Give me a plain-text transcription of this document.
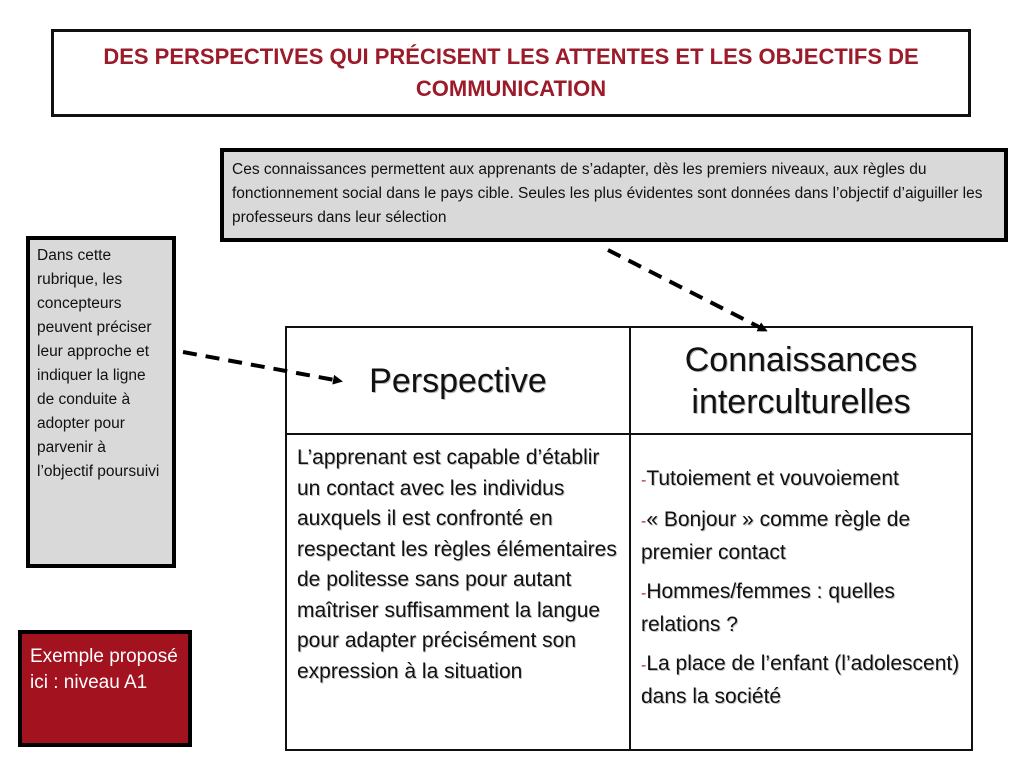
DES PERSPECTIVES QUI PRÉCISENT LES ATTENTES ET LES OBJECTIFS DE COMMUNICATION
Ces connaissances permettent aux apprenants de s’adapter, dès les premiers niveaux, aux règles du fonctionnement social dans le pays cible. Seules les plus évidentes sont données dans l’objectif d’aiguiller les professeurs dans leur sélection
Dans cette rubrique, les concepteurs peuvent préciser leur approche et indiquer la ligne de conduite à adopter pour parvenir à l’objectif poursuivi
Exemple proposé ici : niveau A1
Perspective
Connaissances interculturelles
L’apprenant est capable d’établir un contact avec les individus auxquels il est confronté en respectant les règles élémentaires de politesse sans pour autant maîtriser suffisamment la langue pour adapter précisément son expression à la situation
-Tutoiement et vouvoiement
-« Bonjour » comme règle de premier contact
-Hommes/femmes : quelles relations ?
-La place de l’enfant (l’adolescent) dans la société
